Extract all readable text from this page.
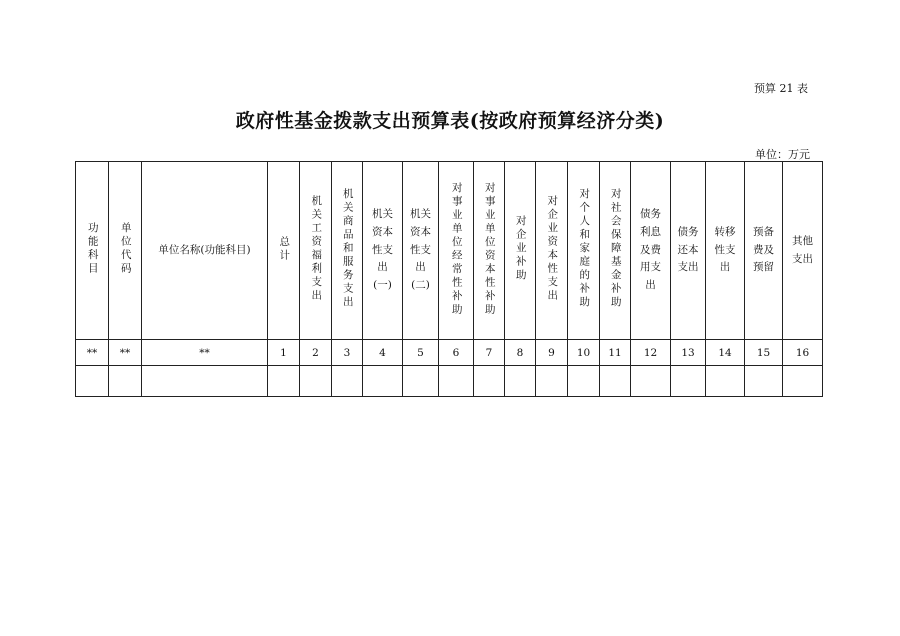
预算 21 表
政府性基金拨款支出预算表(按政府预算经济分类)
单位：万元
功能科目	单位代码	单位名称(功能科目)	总计	机关工资福利支出	机关商品和服务支出	机关
资本
性支
出
(一)	机关
资本
性支
出
(二)	对事业单位经常性补助	对事业单位资本性补助	对企业补助	对企业资本性支出	对个人和家庭的补助	对社会保障基金补助	债务
利息
及费
用支
出	债务
还本
支出	转移
性支
出	预备
费及
预留	其他
支出
**	**	**	1	2	3	4	5	6	7	8	9	10	11	12	13	14	15	16
